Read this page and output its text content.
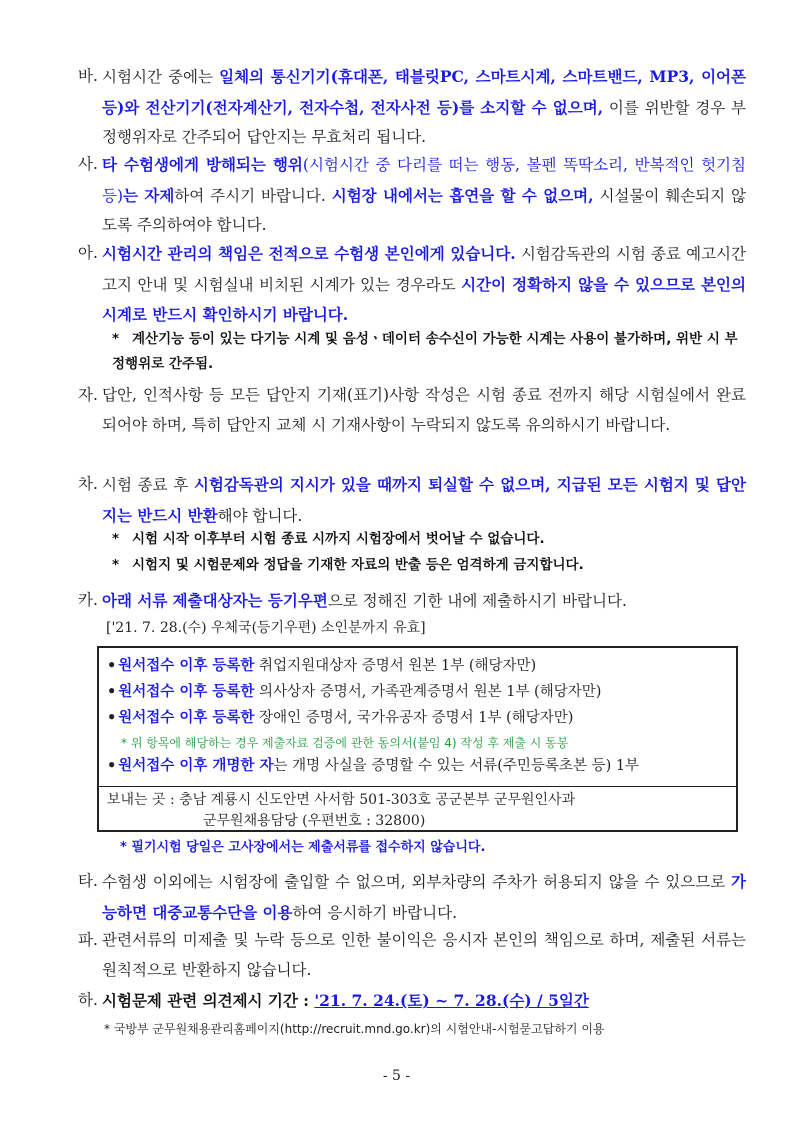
바. 시험시간 중에는 일체의 통신기기(휴대폰, 태블릿PC, 스마트시계, 스마트밴드, MP3, 이어폰 등)와 전산기기(전자계산기, 전자수첩, 전자사전 등)를 소지할 수 없으며, 이를 위반할 경우 부정행위자로 간주되어 답안지는 무효처리 됩니다.
사. 타 수험생에게 방해되는 행위(시험시간 중 다리를 떠는 행동, 볼펜 똑딱소리, 반복적인 헛기침 등)는 자제하여 주시기 바랍니다. 시험장 내에서는 흡연을 할 수 없으며, 시설물이 훼손되지 않도록 주의하여야 합니다.
아. 시험시간 관리의 책임은 전적으로 수험생 본인에게 있습니다. 시험감독관의 시험 종료 예고시간 고지 안내 및 시험실내 비치된 시계가 있는 경우라도 시간이 정확하지 않을 수 있으므로 본인의 시계로 반드시 확인하시기 바랍니다.
* 계산기능 등이 있는 다기능 시계 및 음성ㆍ데이터 송수신이 가능한 시계는 사용이 불가하며, 위반 시 부정행위로 간주됨.
자. 답안, 인적사항 등 모든 답안지 기재(표기)사항 작성은 시험 종료 전까지 해당 시험실에서 완료되어야 하며, 특히 답안지 교체 시 기재사항이 누락되지 않도록 유의하시기 바랍니다.
차. 시험 종료 후 시험감독관의 지시가 있을 때까지 퇴실할 수 없으며, 지급된 모든 시험지 및 답안지는 반드시 반환해야 합니다.
* 시험 시작 이후부터 시험 종료 시까지 시험장에서 벗어날 수 없습니다.
* 시험지 및 시험문제와 정답을 기재한 자료의 반출 등은 엄격하게 금지합니다.
카. 아래 서류 제출대상자는 등기우편으로 정해진 기한 내에 제출하시기 바랍니다.
['21. 7. 28.(수) 우체국(등기우편) 소인분까지 유효]
• 원서접수 이후 등록한 취업지원대상자 증명서 원본 1부 (해당자만)
• 원서접수 이후 등록한 의사상자 증명서, 가족관계증명서 원본 1부 (해당자만)
• 원서접수 이후 등록한 장애인 증명서, 국가유공자 증명서 1부 (해당자만)
* 위 항목에 해당하는 경우 제출자료 검증에 관한 동의서(붙임 4) 작성 후 제출 시 동봉
• 원서접수 이후 개명한 자는 개명 사실을 증명할 수 있는 서류(주민등록초본 등) 1부
보내는 곳 : 충남 계룡시 신도안면 사서함 501-303호 공군본부 군무원인사과
군무원채용담당 (우편번호 : 32800)
* 필기시험 당일은 고사장에서는 제출서류를 접수하지 않습니다.
타. 수험생 이외에는 시험장에 출입할 수 없으며, 외부차량의 주차가 허용되지 않을 수 있으므로 가능하면 대중교통수단을 이용하여 응시하기 바랍니다.
파. 관련서류의 미제출 및 누락 등으로 인한 불이익은 응시자 본인의 책임으로 하며, 제출된 서류는 원칙적으로 반환하지 않습니다.
하. 시험문제 관련 의견제시 기간 : '21. 7. 24.(토) ~ 7. 28.(수) / 5일간
* 국방부 군무원채용관리홈페이지(http://recruit.mnd.go.kr)의 시험안내-시험묻고답하기 이용
- 5 -
